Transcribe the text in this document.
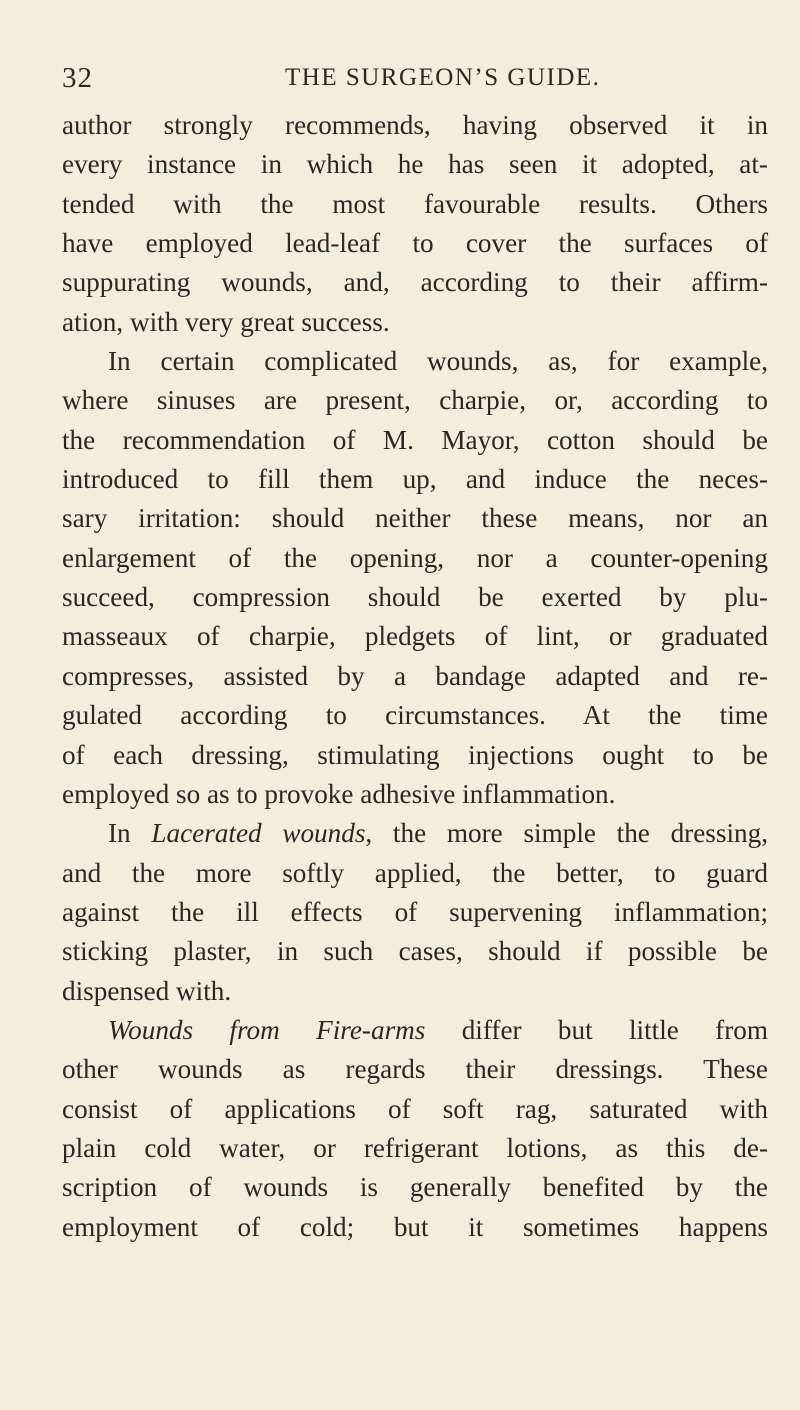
32	THE SURGEON’S GUIDE.
author strongly recommends, having observed it in
every instance in which he has seen it adopted, at-
tended with the most favourable results. Others
have employed lead-leaf to cover the surfaces of
suppurating wounds, and, according to their affirm-
ation, with very great success.
In certain complicated wounds, as, for example,
where sinuses are present, charpie, or, according to
the recommendation of M. Mayor, cotton should be
introduced to fill them up, and induce the neces-
sary irritation: should neither these means, nor an
enlargement of the opening, nor a counter-opening
succeed, compression should be exerted by plu-
masseaux of charpie, pledgets of lint, or graduated
compresses, assisted by a bandage adapted and re-
gulated according to circumstances. At the time
of each dressing, stimulating injections ought to be
employed so as to provoke adhesive inflammation.
In Lacerated wounds, the more simple the dressing,
and the more softly applied, the better, to guard
against the ill effects of supervening inflammation;
sticking plaster, in such cases, should if possible be
dispensed with.
Wounds from Fire-arms differ but little from
other wounds as regards their dressings. These
consist of applications of soft rag, saturated with
plain cold water, or refrigerant lotions, as this de-
scription of wounds is generally benefited by the
employment of cold; but it sometimes happens
